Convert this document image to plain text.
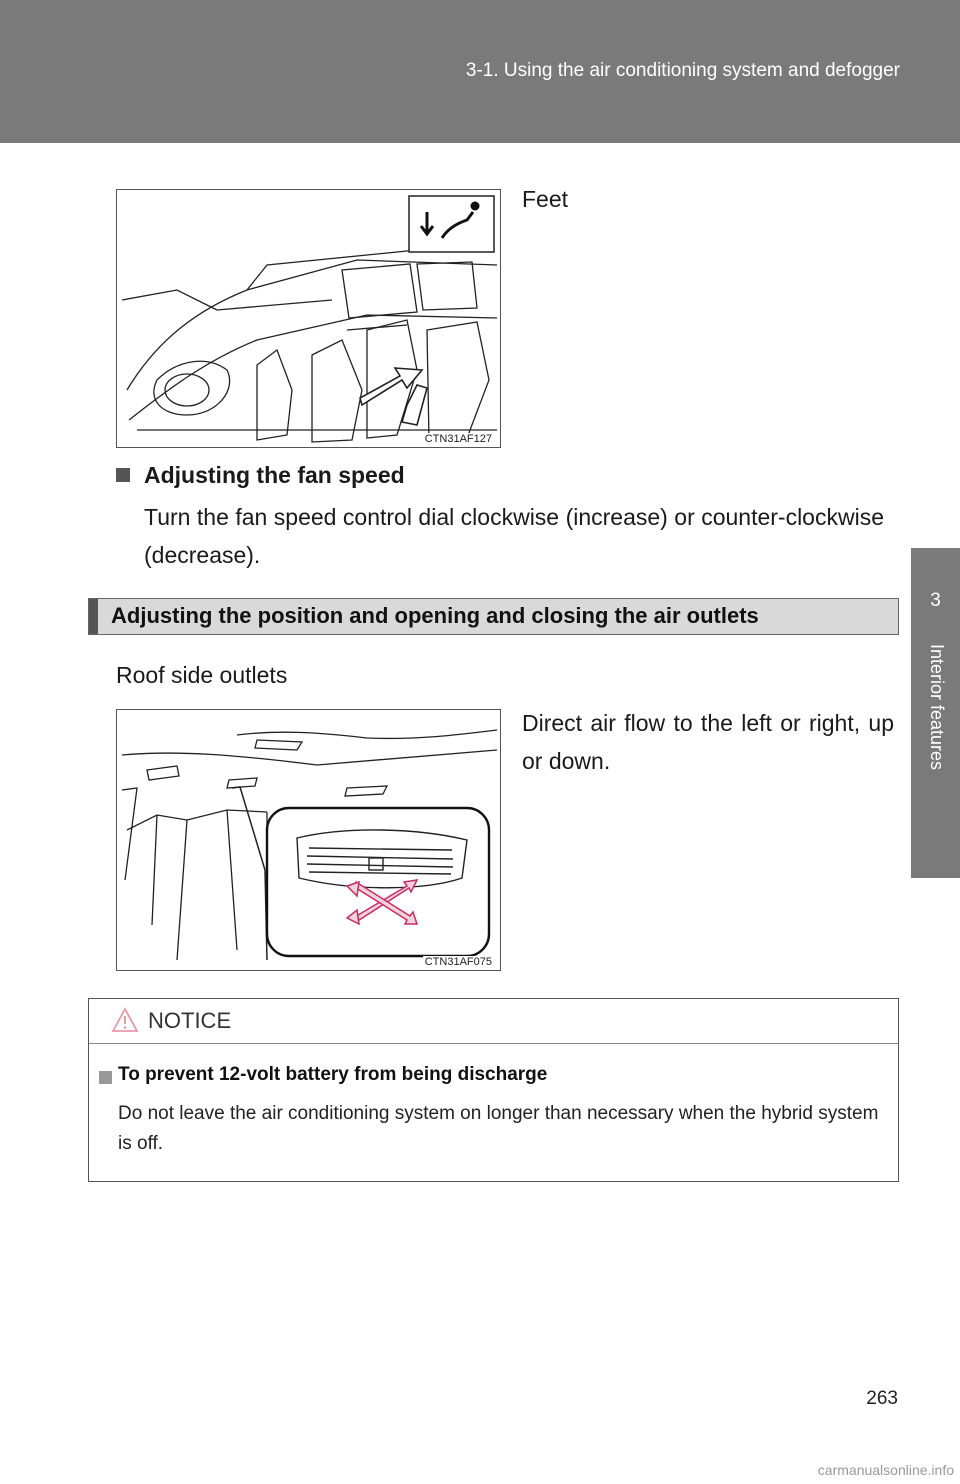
3-1. Using the air conditioning system and defogger
3
Interior features
CTN31AF127
Feet
Adjusting the fan speed
Turn the fan speed control dial clockwise (increase) or counter-clockwise (decrease).
Adjusting the position and opening and closing the air outlets
Roof side outlets
CTN31AF075
Direct air flow to the left or right, up or down.
NOTICE
To prevent 12-volt battery from being discharge
Do not leave the air conditioning system on longer than necessary when the hybrid system is off.
263
carmanualsonline.info
